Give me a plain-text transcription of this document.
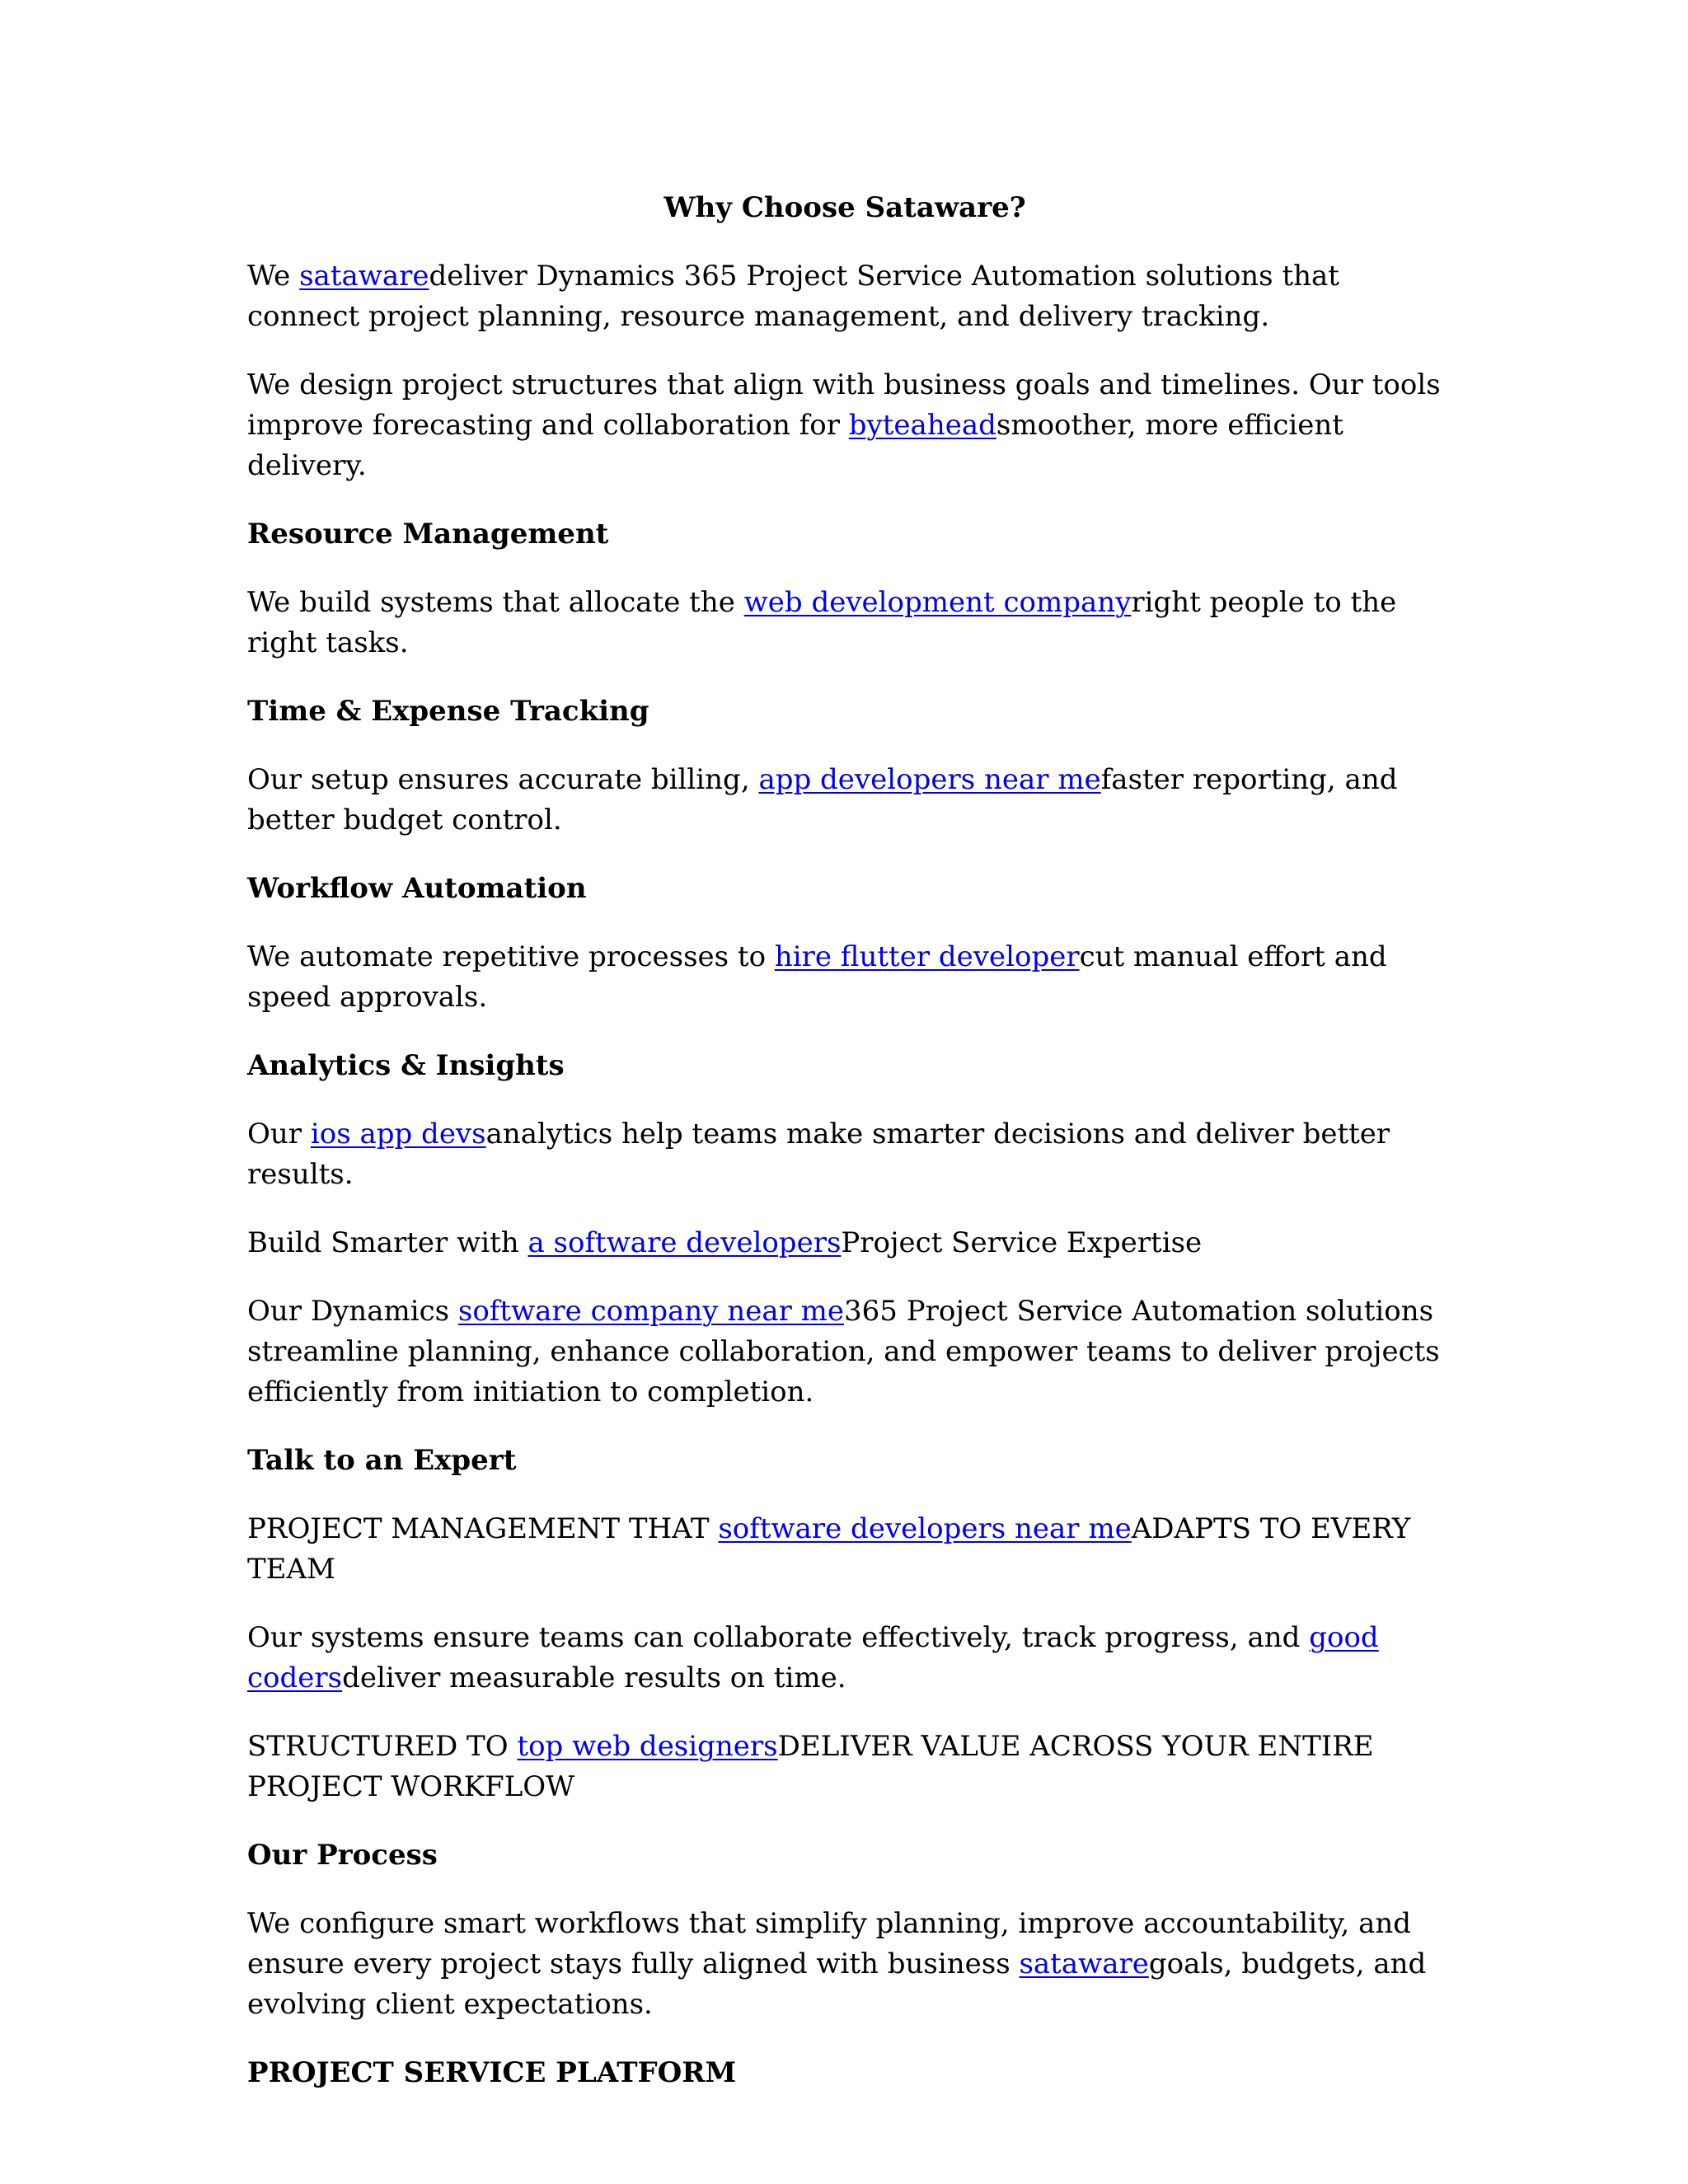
Why Choose Sataware?

We satawaredeliver Dynamics 365 Project Service Automation solutions that connect project planning, resource management, and delivery tracking.

We design project structures that align with business goals and timelines. Our tools improve forecasting and collaboration for byteaheadsmoother, more efficient delivery.

Resource Management

We build systems that allocate the web development companyright people to the right tasks.

Time & Expense Tracking

Our setup ensures accurate billing, app developers near mefaster reporting, and better budget control.

Workflow Automation

We automate repetitive processes to hire flutter developercut manual effort and speed approvals.

Analytics & Insights

Our ios app devsanalytics help teams make smarter decisions and deliver better results.

Build Smarter with a software developersProject Service Expertise

Our Dynamics software company near me365 Project Service Automation solutions streamline planning, enhance collaboration, and empower teams to deliver projects efficiently from initiation to completion.

Talk to an Expert

PROJECT MANAGEMENT THAT software developers near meADAPTS TO EVERY TEAM

Our systems ensure teams can collaborate effectively, track progress, and good codersdeliver measurable results on time.

STRUCTURED TO top web designersDELIVER VALUE ACROSS YOUR ENTIRE PROJECT WORKFLOW

Our Process

We configure smart workflows that simplify planning, improve accountability, and ensure every project stays fully aligned with business satawaregoals, budgets, and evolving client expectations.

PROJECT SERVICE PLATFORM
